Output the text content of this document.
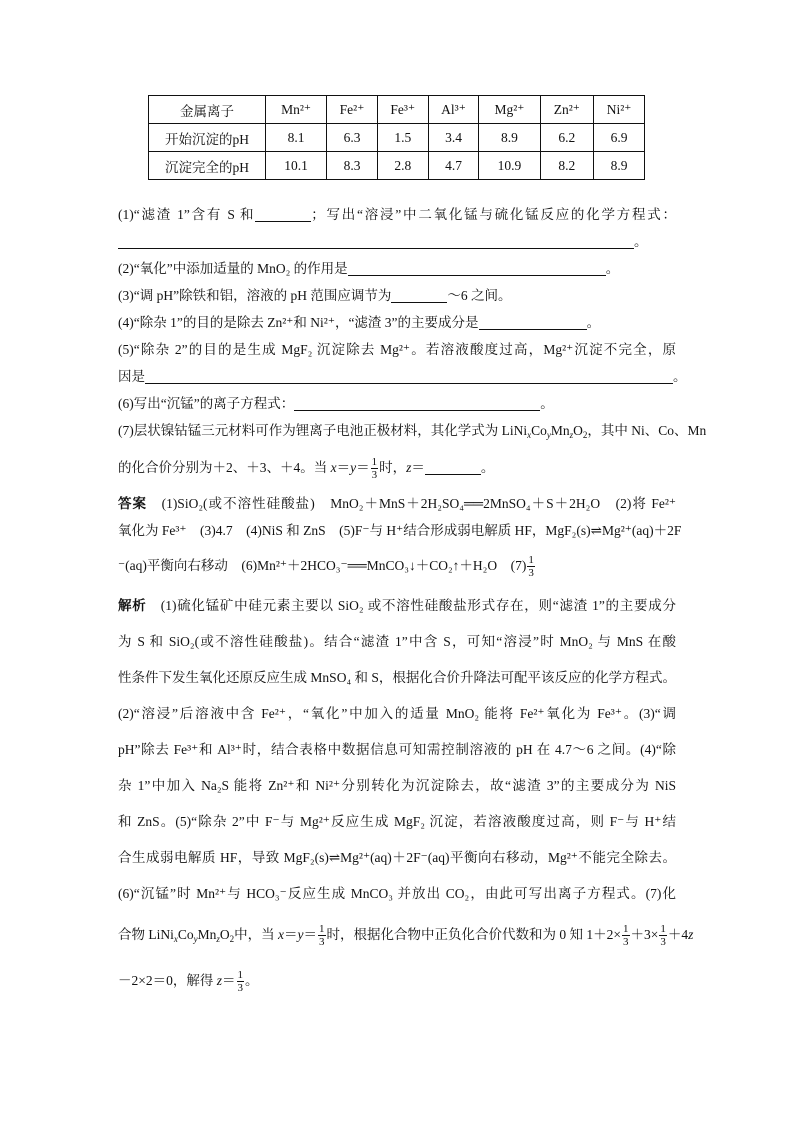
金属离子	Mn²⁺	Fe²⁺	Fe³⁺	Al³⁺	Mg²⁺	Zn²⁺	Ni²⁺
开始沉淀的pH	8.1	6.3	1.5	3.4	8.9	6.2	6.9
沉淀完全的pH	10.1	8.3	2.8	4.7	10.9	8.2	8.9
(1)“滤渣 1”含有 S 和	；写出“溶浸”中二氧化锰与硫化锰反应的化学方程式：
。
(2)“氧化”中添加适量的 MnO₂ 的作用是	。
(3)“调 pH”除铁和铝，溶液的 pH 范围应调节为	～6 之间。
(4)“除杂 1”的目的是除去 Zn²⁺和 Ni²⁺，“滤渣 3”的主要成分是	。
(5)“除杂 2”的目的是生成 MgF₂ 沉淀除去 Mg²⁺。若溶液酸度过高，Mg²⁺沉淀不完全，原
因是	。
(6)写出“沉锰”的离子方程式：	。
(7)层状镍钴锰三元材料可作为锂离子电池正极材料，其化学式为 $LiNi_xCo_yMn_zO_2$，其中 Ni、Co、Mn
的化合价分别为＋2、＋3、＋4。当 $x=y= \frac{1}{3}$ 时，z＝	。
答案　(1)SiO₂(或不溶性硅酸盐)　MnO₂＋MnS＋2H₂SO₄══2MnSO₄＋S＋2H₂O　(2)将 Fe²⁺
氧化为 Fe³⁺　(3)4.7　(4)NiS 和 ZnS　(5)F⁻与 H⁺结合形成弱电解质 HF，MgF₂(s)⇌Mg²⁺(aq)＋2F
⁻(aq)平衡向右移动　(6)Mn²⁺＋2HCO₃⁻══MnCO₃↓＋CO₂↑＋H₂O　$(7) \frac{1}{3}$
解析　(1)硫化锰矿中硅元素主要以 SiO₂ 或不溶性硅酸盐形式存在，则“滤渣 1”的主要成分
为 S 和 SiO₂(或不溶性硅酸盐)。结合“滤渣 1”中含 S，可知“溶浸”时 MnO₂ 与 MnS 在酸
性条件下发生氧化还原反应生成 MnSO₄ 和 S，根据化合价升降法可配平该反应的化学方程式。
(2)“溶浸”后溶液中含 Fe²⁺，“氧化”中加入的适量 MnO₂ 能将 Fe²⁺氧化为 Fe³⁺。(3)“调
pH”除去 Fe³⁺和 Al³⁺时，结合表格中数据信息可知需控制溶液的 pH 在 4.7～6 之间。(4)“除
杂 1”中加入 Na₂S 能将 Zn²⁺和 Ni²⁺分别转化为沉淀除去，故“滤渣 3”的主要成分为 NiS
和 ZnS。(5)“除杂 2”中 F⁻与 Mg²⁺反应生成 MgF₂ 沉淀，若溶液酸度过高，则 F⁻与 H⁺结
合生成弱电解质 HF，导致 MgF₂(s)⇌Mg²⁺(aq)＋2F⁻(aq)平衡向右移动，Mg²⁺不能完全除去。
(6)“沉锰”时 Mn²⁺与 HCO₃⁻反应生成 MnCO₃ 并放出 CO₂，由此可写出离子方程式。(7)化
合物 $LiNi_xCo_yMn_zO_2$中，当 $x=y= \frac{1}{3}$ 时，根据化合物中正负化合价代数和为 0 知 $1+2\times \frac{1}{3} +3\times \frac{1}{3} +4z$
－2×2＝0，解得 $z= \frac{1}{3}$ 。
